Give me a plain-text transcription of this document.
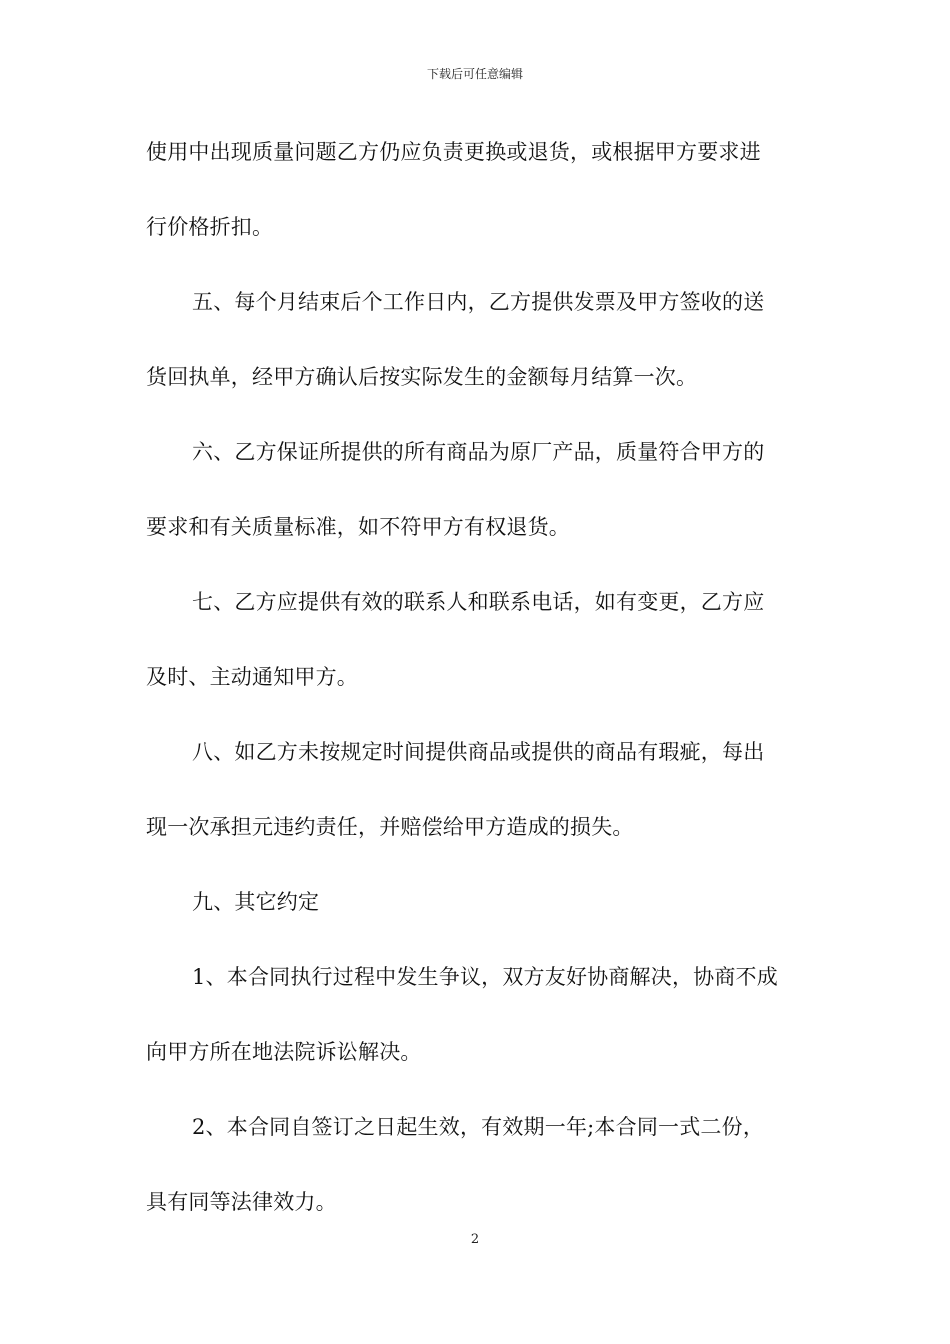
下载后可任意编辑
使用中出现质量问题乙方仍应负责更换或退货，或根据甲方要求进
行价格折扣。
五、每个月结束后个工作日内，乙方提供发票及甲方签收的送
货回执单，经甲方确认后按实际发生的金额每月结算一次。
六、乙方保证所提供的所有商品为原厂产品，质量符合甲方的
要求和有关质量标准，如不符甲方有权退货。
七、乙方应提供有效的联系人和联系电话，如有变更，乙方应
及时、主动通知甲方。
八、如乙方未按规定时间提供商品或提供的商品有瑕疵，每出
现一次承担元违约责任，并赔偿给甲方造成的损失。
九、其它约定
1、本合同执行过程中发生争议，双方友好协商解决，协商不成
向甲方所在地法院诉讼解决。
2、本合同自签订之日起生效，有效期一年;本合同一式二份，
具有同等法律效力。
2
